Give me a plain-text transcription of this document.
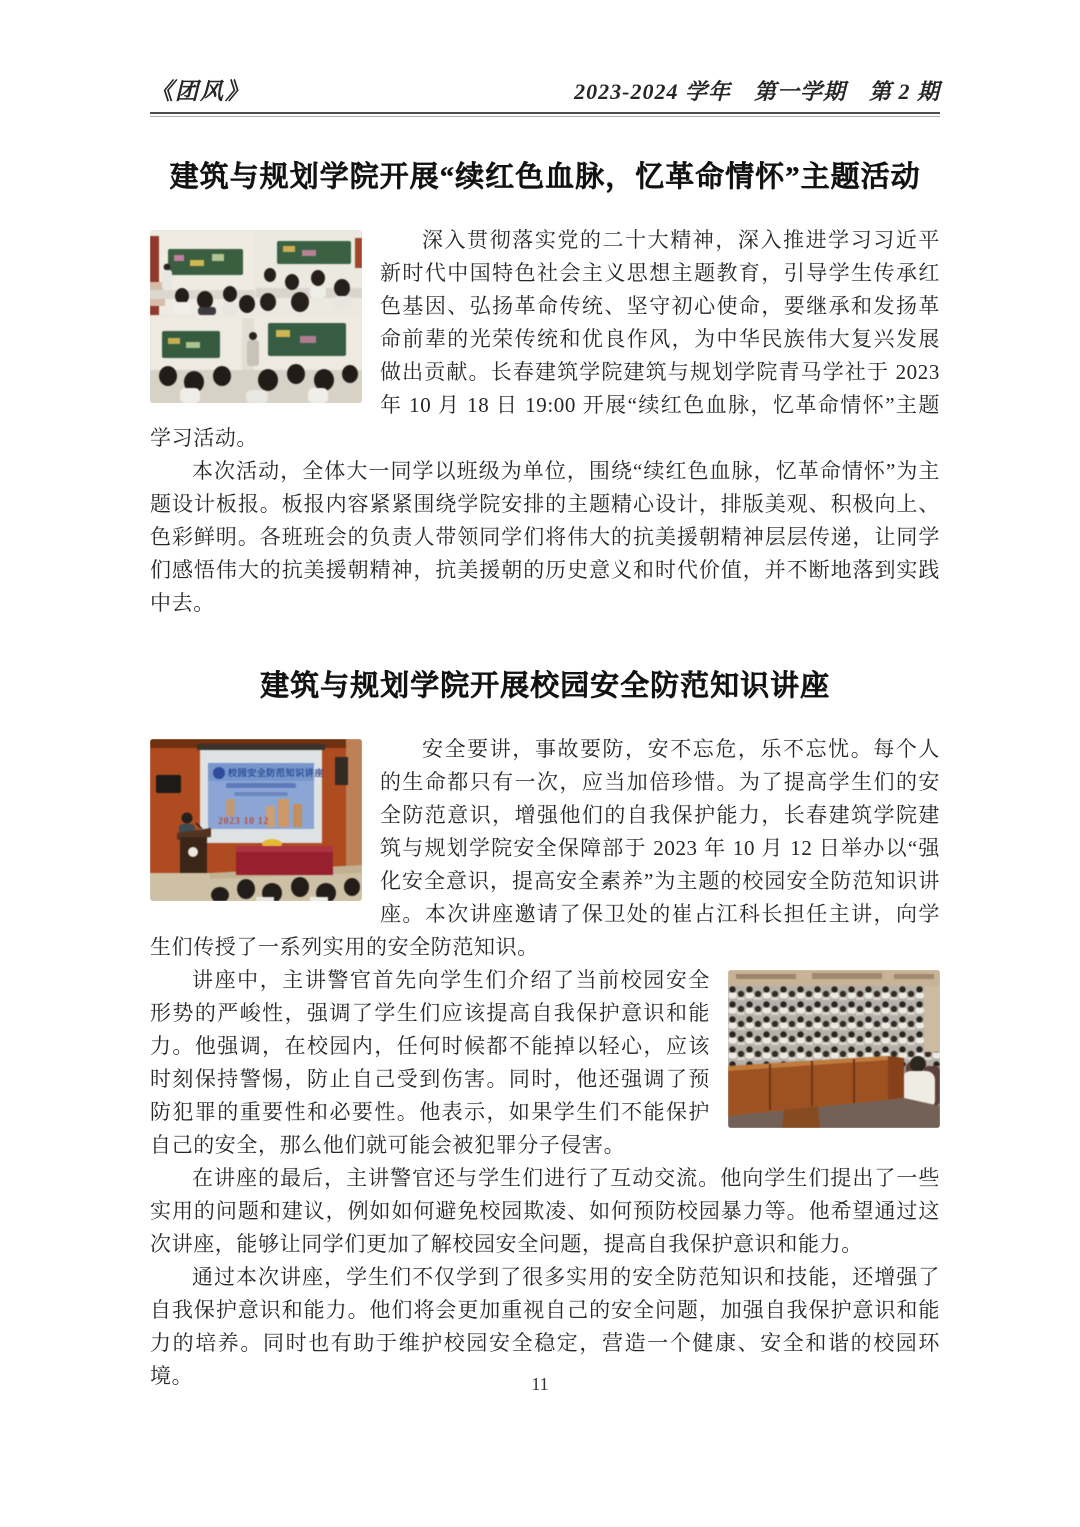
《团风》	2023-2024 学年　第一学期　第 2 期
建筑与规划学院开展“续红色血脉，忆革命情怀”主题活动

深入贯彻落实党的二十大精神，深入推进学习习近平新时代中国特色社会主义思想主题教育，引导学生传承红色基因、弘扬革命传统、坚守初心使命，要继承和发扬革命前辈的光荣传统和优良作风，为中华民族伟大复兴发展做出贡献。长春建筑学院建筑与规划学院青马学社于 2023 年 10 月 18 日 19:00 开展“续红色血脉，忆革命情怀”主题学习活动。

本次活动，全体大一同学以班级为单位，围绕“续红色血脉，忆革命情怀”为主题设计板报。板报内容紧紧围绕学院安排的主题精心设计，排版美观、积极向上、色彩鲜明。各班班会的负责人带领同学们将伟大的抗美援朝精神层层传递，让同学们感悟伟大的抗美援朝精神，抗美援朝的历史意义和时代价值，并不断地落到实践中去。

建筑与规划学院开展校园安全防范知识讲座
校园安全防范知识讲座
2023 10 12

安全要讲，事故要防，安不忘危，乐不忘忧。每个人的生命都只有一次，应当加倍珍惜。为了提高学生们的安全防范意识，增强他们的自我保护能力，长春建筑学院建筑与规划学院安全保障部于 2023 年 10 月 12 日举办以“强化安全意识，提高安全素养”为主题的校园安全防范知识讲座。本次讲座邀请了保卫处的崔占江科长担任主讲，向学生们传授了一系列实用的安全防范知识。

讲座中，主讲警官首先向学生们介绍了当前校园安全形势的严峻性，强调了学生们应该提高自我保护意识和能力。他强调，在校园内，任何时候都不能掉以轻心，应该时刻保持警惕，防止自己受到伤害。同时，他还强调了预防犯罪的重要性和必要性。他表示，如果学生们不能保护自己的安全，那么他们就可能会被犯罪分子侵害。

在讲座的最后，主讲警官还与学生们进行了互动交流。他向学生们提出了一些实用的问题和建议，例如如何避免校园欺凌、如何预防校园暴力等。他希望通过这次讲座，能够让同学们更加了解校园安全问题，提高自我保护意识和能力。

通过本次讲座，学生们不仅学到了很多实用的安全防范知识和技能，还增强了自我保护意识和能力。他们将会更加重视自己的安全问题，加强自我保护意识和能力的培养。同时也有助于维护校园安全稳定，营造一个健康、安全和谐的校园环境。	11
